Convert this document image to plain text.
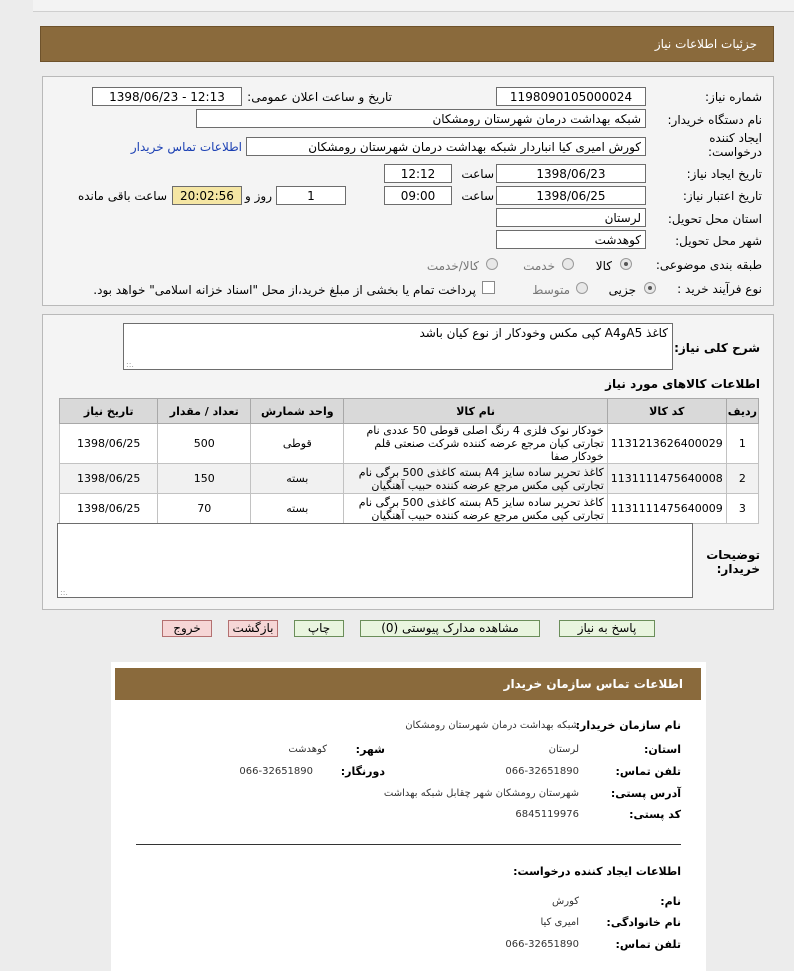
جزئیات اطلاعات نیاز
شماره نیاز:
1198090105000024
تاریخ و ساعت اعلان عمومی:
1398/06/23 - 12:13
نام دستگاه خریدار:
شبکه بهداشت درمان شهرستان رومشکان
ایجاد کننده درخواست:
کورش امیری کیا انباردار شبکه بهداشت درمان شهرستان رومشکان
اطلاعات تماس خریدار
تاریخ ایجاد نیاز:
1398/06/23
ساعت
12:12
تاریخ اعتبار نیاز:
1398/06/25
ساعت
09:00
1
روز و
20:02:56
ساعت باقی مانده
استان محل تحویل:
لرستان
شهر محل تحویل:
کوهدشت
طبقه بندی موضوعی:
کالا
خدمت
کالا/خدمت
نوع فرآیند خرید :
جزیی
متوسط
پرداخت تمام یا بخشی از مبلغ خرید،از محل "اسناد خزانه اسلامی" خواهد بود.
شرح کلی نیاز:
کاغذ A5وA4 کپی مکس وخودکار از نوع کیان باشد
::.
اطلاعات کالاهای مورد نیاز
ردیف	کد کالا	نام کالا	واحد شمارش	تعداد / مقدار	تاریخ نیاز
1	1131213626400029	خودکار نوک فلزی 4 رنگ اصلی قوطی 50 عددی نام تجارتی کیان مرجع عرضه کننده شرکت صنعتی قلم خودکار صفا	قوطی	500	1398/06/25
2	1131111475640008	کاغذ تحریر ساده سایز A4 بسته کاغذی 500 برگی نام تجارتی کپی مکس مرجع عرضه کننده حبیب آهنگیان	بسته	150	1398/06/25
3	1131111475640009	کاغذ تحریر ساده سایز A5 بسته کاغذی 500 برگی نام تجارتی کپی مکس مرجع عرضه کننده حبیب آهنگیان	بسته	70	1398/06/25
توضیحات خریدار:
::.
پاسخ به نیاز
مشاهده مدارک پیوستی (0)
چاپ
بازگشت
خروج
اطلاعات تماس سازمان خریدار
نام سازمان خریدار:
شبکه بهداشت درمان شهرستان رومشکان
استان:
لرستان
شهر:
کوهدشت
تلفن تماس:
066-32651890
دورنگار:
066-32651890
آدرس پستی:
شهرستان رومشکان شهر چقابل شبکه بهداشت
کد پستی:
6845119976
اطلاعات ایجاد کننده درخواست:
نام:
کورش
نام خانوادگی:
امیری کیا
تلفن تماس:
066-32651890
